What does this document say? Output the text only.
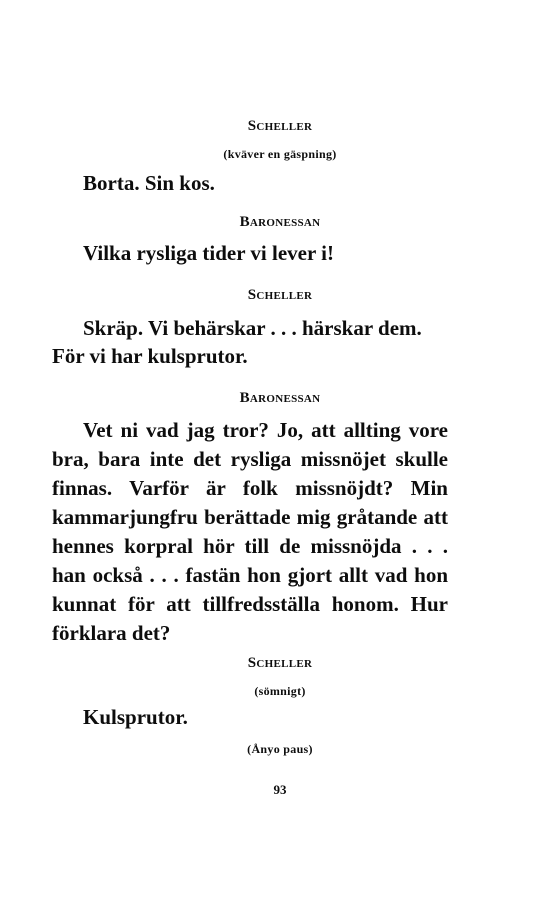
Scheller
(kväver en gäspning)
Borta. Sin kos.
Baronessan
Vilka rysliga tider vi lever i!
Scheller
Skräp. Vi behärskar . . . härskar dem.
För vi har kulsprutor.
Baronessan
Vet ni vad jag tror? Jo, att allting vore
bra, bara inte det rysliga missnöjet skulle
finnas. Varför är folk missnöjdt? Min
kammarjungfru berättade mig gråtande att
hennes korpral hör till de missnöjda . . .
han också . . . fastän hon gjort allt vad hon
kunnat för att tillfredsställa honom. Hur
förklara det?
Scheller
(sömnigt)
Kulsprutor.
(Ånyo paus)
93
